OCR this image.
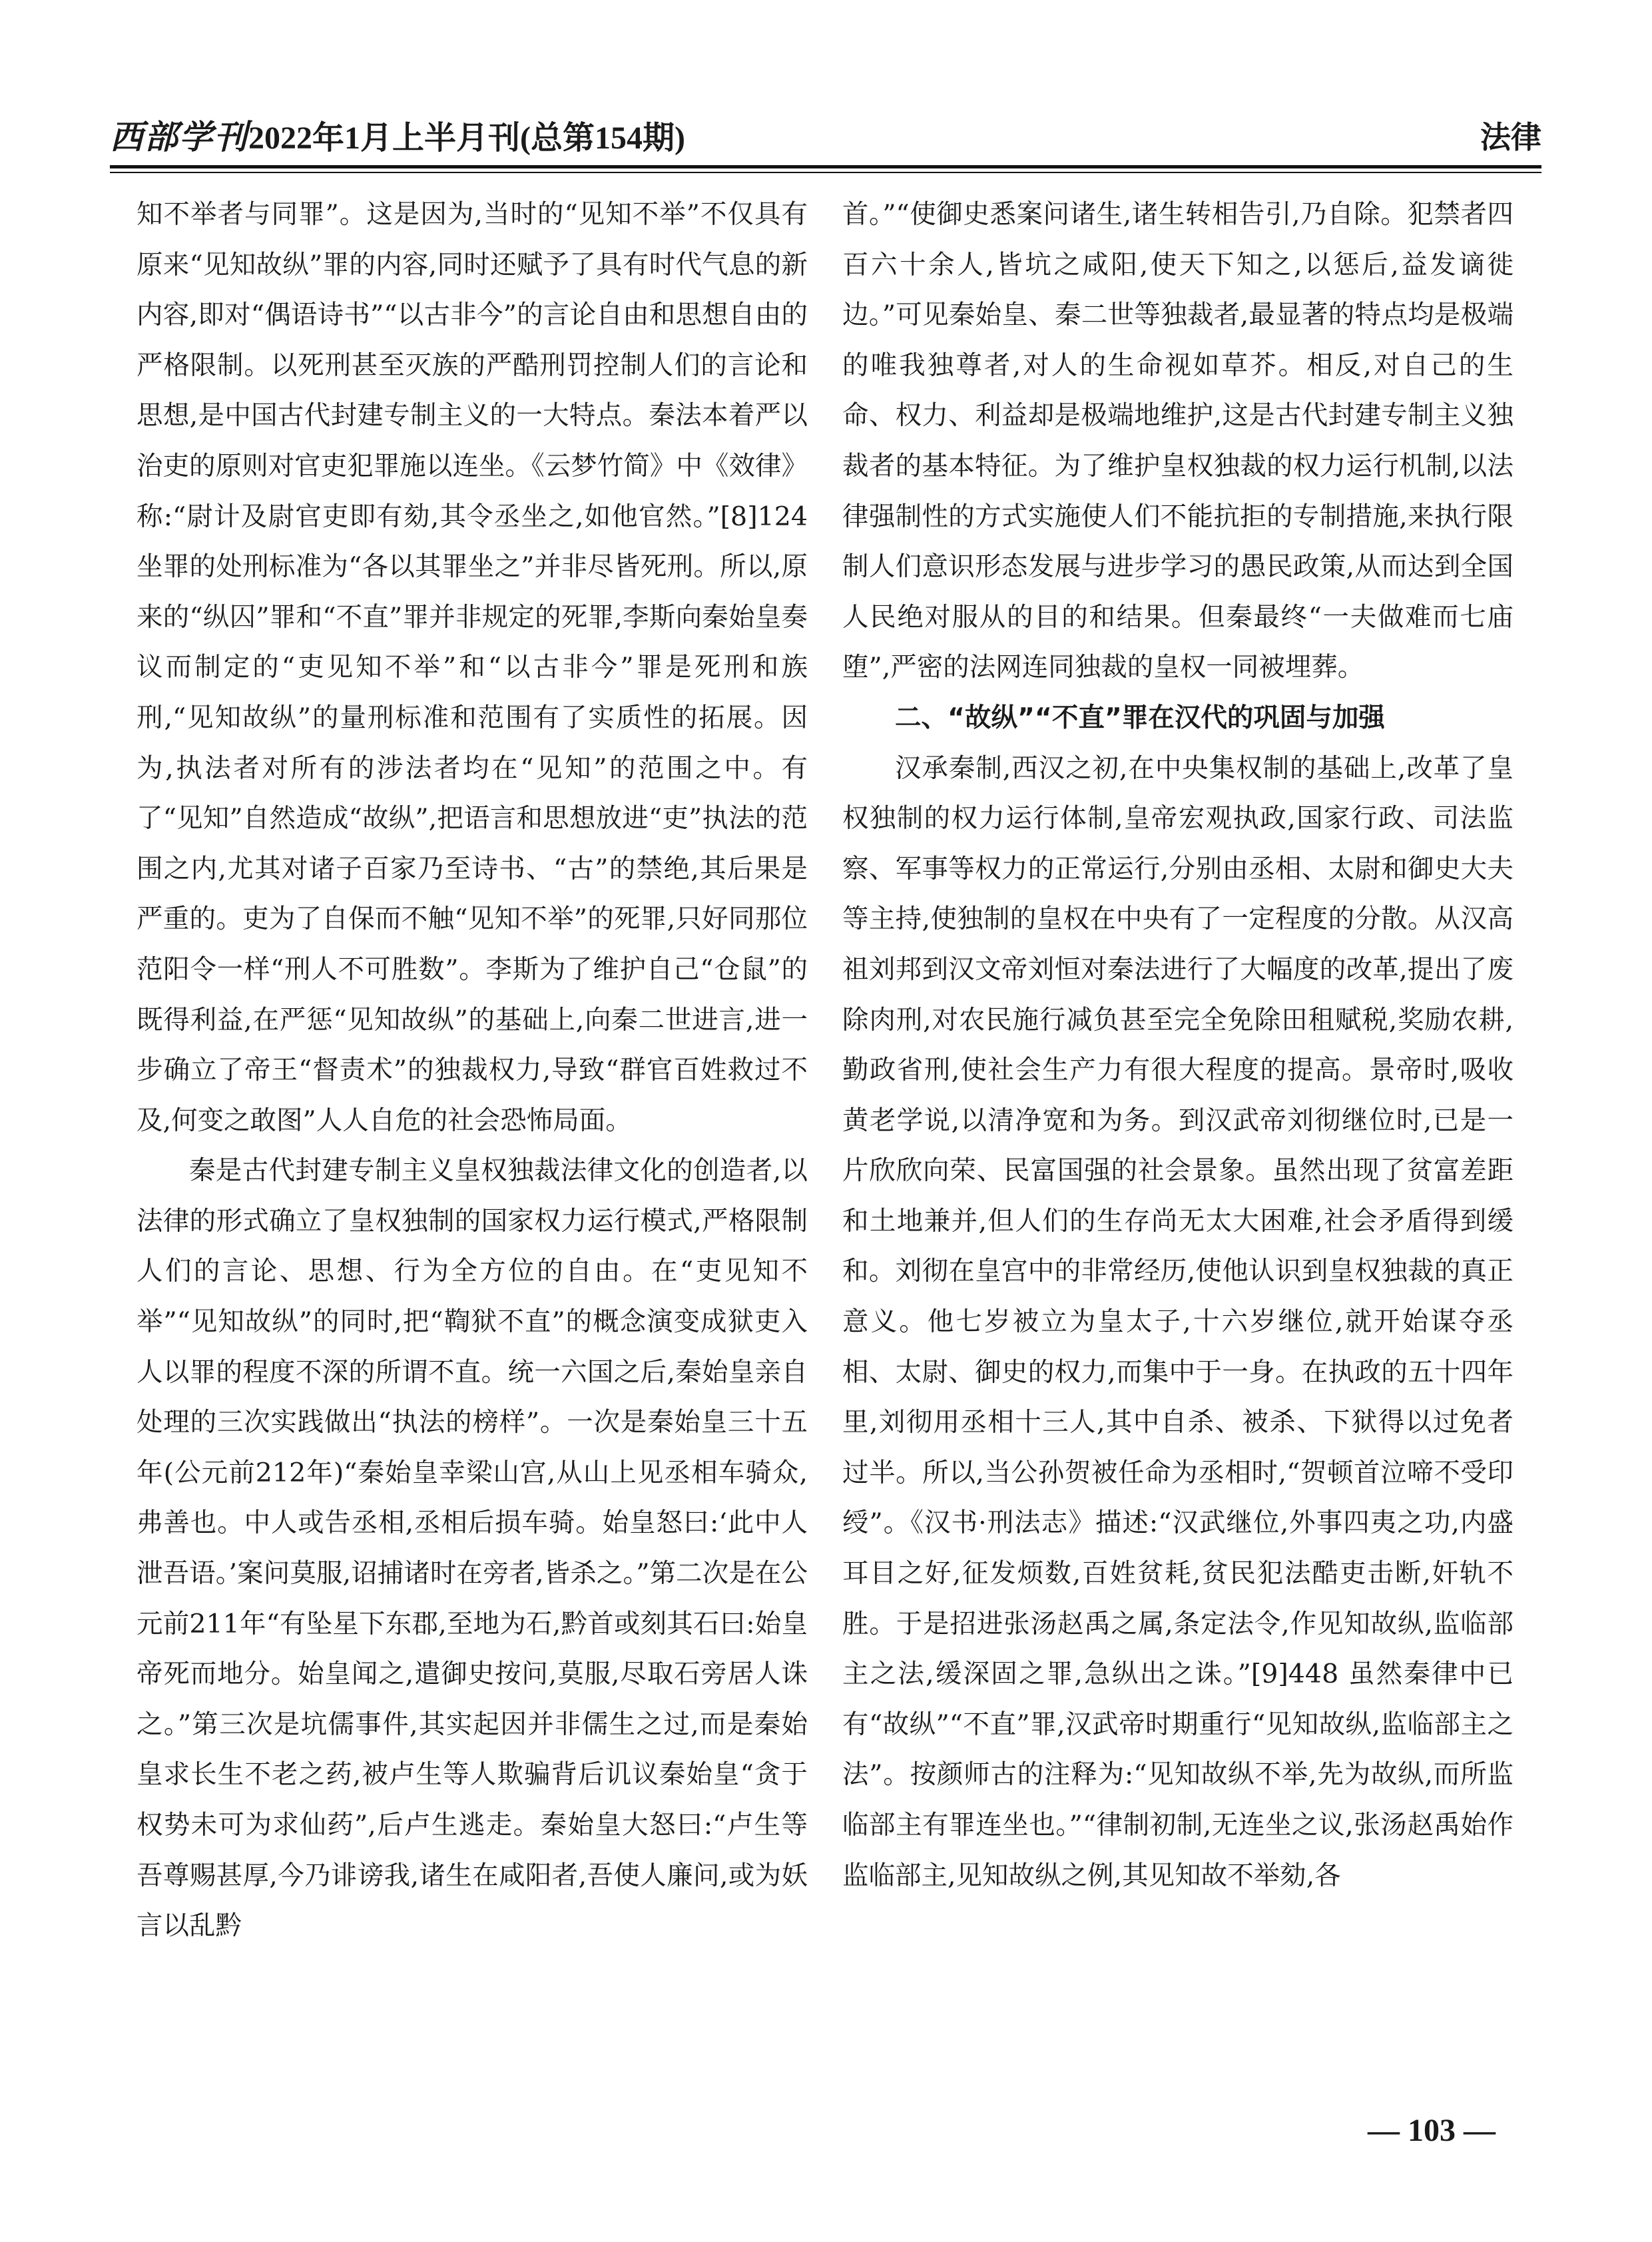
西部学刊2022年1月上半月刊(总第154期)	法律

知不举者与同罪”。这是因为,当时的“见知不举”不仅具有原来“见知故纵”罪的内容,同时还赋予了具有时代气息的新内容,即对“偶语诗书”“以古非今”的言论自由和思想自由的严格限制。以死刑甚至灭族的严酷刑罚控制人们的言论和思想,是中国古代封建专制主义的一大特点。秦法本着严以治吏的原则对官吏犯罪施以连坐。《云梦竹简》中《效律》称:“尉计及尉官吏即有劾,其令丞坐之,如他官然。”[8]124 坐罪的处刑标准为“各以其罪坐之”并非尽皆死刑。所以,原来的“纵囚”罪和“不直”罪并非规定的死罪,李斯向秦始皇奏议而制定的“吏见知不举”和“以古非今”罪是死刑和族刑,“见知故纵”的量刑标准和范围有了实质性的拓展。因为,执法者对所有的涉法者均在“见知”的范围之中。有了“见知”自然造成“故纵”,把语言和思想放进“吏”执法的范围之内,尤其对诸子百家乃至诗书、“古”的禁绝,其后果是严重的。吏为了自保而不触“见知不举”的死罪,只好同那位范阳令一样“刑人不可胜数”。李斯为了维护自己“仓鼠”的既得利益,在严惩“见知故纵”的基础上,向秦二世进言,进一步确立了帝王“督责术”的独裁权力,导致“群官百姓救过不及,何变之敢图”人人自危的社会恐怖局面。

秦是古代封建专制主义皇权独裁法律文化的创造者,以法律的形式确立了皇权独制的国家权力运行模式,严格限制人们的言论、思想、行为全方位的自由。在“吏见知不举”“见知故纵”的同时,把“鞫狱不直”的概念演变成狱吏入人以罪的程度不深的所谓不直。统一六国之后,秦始皇亲自处理的三次实践做出“执法的榜样”。一次是秦始皇三十五年(公元前212年)“秦始皇幸梁山宫,从山上见丞相车骑众,弗善也。中人或告丞相,丞相后损车骑。始皇怒曰:‘此中人泄吾语。’案问莫服,诏捕诸时在旁者,皆杀之。”第二次是在公元前211年“有坠星下东郡,至地为石,黔首或刻其石曰:始皇帝死而地分。始皇闻之,遣御史按问,莫服,尽取石旁居人诛之。”第三次是坑儒事件,其实起因并非儒生之过,而是秦始皇求长生不老之药,被卢生等人欺骗背后讥议秦始皇“贪于权势未可为求仙药”,后卢生逃走。秦始皇大怒曰:“卢生等吾尊赐甚厚,今乃诽谤我,诸生在咸阳者,吾使人廉问,或为妖言以乱黔

首。”“使御史悉案问诸生,诸生转相告引,乃自除。犯禁者四百六十余人,皆坑之咸阳,使天下知之,以惩后,益发谪徙边。”可见秦始皇、秦二世等独裁者,最显著的特点均是极端的唯我独尊者,对人的生命视如草芥。相反,对自己的生命、权力、利益却是极端地维护,这是古代封建专制主义独裁者的基本特征。为了维护皇权独裁的权力运行机制,以法律强制性的方式实施使人们不能抗拒的专制措施,来执行限制人们意识形态发展与进步学习的愚民政策,从而达到全国人民绝对服从的目的和结果。但秦最终“一夫做难而七庙堕”,严密的法网连同独裁的皇权一同被埋葬。

二、“故纵”“不直”罪在汉代的巩固与加强

汉承秦制,西汉之初,在中央集权制的基础上,改革了皇权独制的权力运行体制,皇帝宏观执政,国家行政、司法监察、军事等权力的正常运行,分别由丞相、太尉和御史大夫等主持,使独制的皇权在中央有了一定程度的分散。从汉高祖刘邦到汉文帝刘恒对秦法进行了大幅度的改革,提出了废除肉刑,对农民施行减负甚至完全免除田租赋税,奖励农耕,勤政省刑,使社会生产力有很大程度的提高。景帝时,吸收黄老学说,以清净宽和为务。到汉武帝刘彻继位时,已是一片欣欣向荣、民富国强的社会景象。虽然出现了贫富差距和土地兼并,但人们的生存尚无太大困难,社会矛盾得到缓和。刘彻在皇宫中的非常经历,使他认识到皇权独裁的真正意义。他七岁被立为皇太子,十六岁继位,就开始谋夺丞相、太尉、御史的权力,而集中于一身。在执政的五十四年里,刘彻用丞相十三人,其中自杀、被杀、下狱得以过免者过半。所以,当公孙贺被任命为丞相时,“贺顿首泣啼不受印绶”。《汉书·刑法志》描述:“汉武继位,外事四夷之功,内盛耳目之好,征发烦数,百姓贫耗,贫民犯法酷吏击断,奸轨不胜。于是招进张汤赵禹之属,条定法令,作见知故纵,监临部主之法,缓深固之罪,急纵出之诛。”[9]448 虽然秦律中已有“故纵”“不直”罪,汉武帝时期重行“见知故纵,监临部主之法”。按颜师古的注释为:“见知故纵不举,先为故纵,而所监临部主有罪连坐也。”“律制初制,无连坐之议,张汤赵禹始作监临部主,见知故纵之例,其见知故不举劾,各

— 103 —
